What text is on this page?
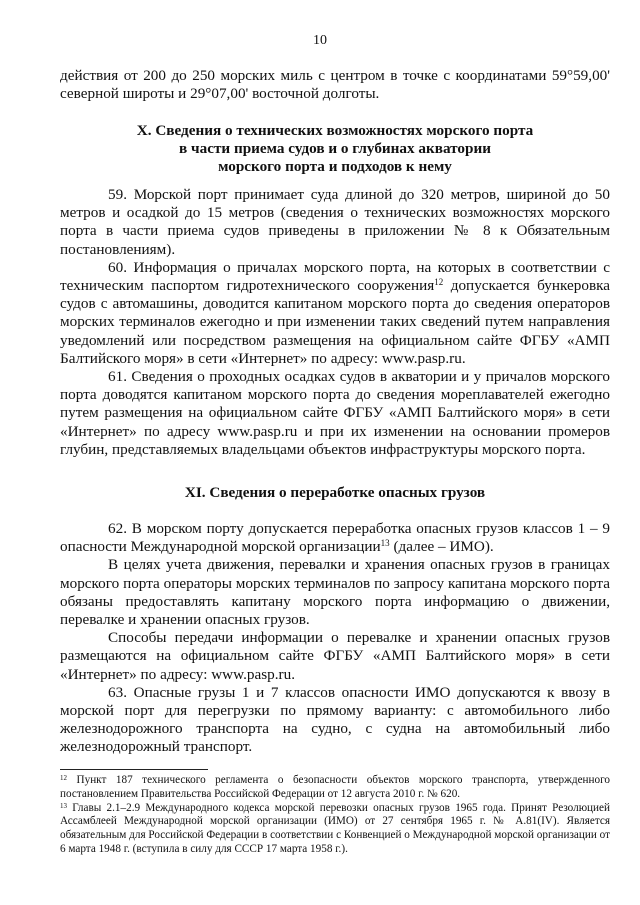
10

действия от 200 до 250 морских миль с центром в точке с координатами 59°59,00' северной широты и 29°07,00' восточной долготы.

X. Сведения о технических возможностях морского порта
в части приема судов и о глубинах акватории
морского порта и подходов к нему

59. Морской порт принимает суда длиной до 320 метров, шириной до 50 метров и осадкой до 15 метров (сведения о технических возможностях морского порта в части приема судов приведены в приложении № 8 к Обязательным постановлениям).

60. Информация о причалах морского порта, на которых в соответствии с техническим паспортом гидротехнического сооружения$^{12}$ допускается бункеровка судов с автомашины, доводится капитаном морского порта до сведения операторов морских терминалов ежегодно и при изменении таких сведений путем направления уведомлений или посредством размещения на официальном сайте ФГБУ «АМП Балтийского моря» в сети «Интернет» по адресу: www.pasp.ru.

61. Сведения о проходных осадках судов в акватории и у причалов морского порта доводятся капитаном морского порта до сведения мореплавателей ежегодно путем размещения на официальном сайте ФГБУ «АМП Балтийского моря» в сети «Интернет» по адресу www.pasp.ru и при их изменении на основании промеров глубин, представляемых владельцами объектов инфраструктуры морского порта.

XI. Сведения о переработке опасных грузов

62. В морском порту допускается переработка опасных грузов классов 1 – 9 опасности Международной морской организации$^{13}$ (далее – ИМО).

В целях учета движения, перевалки и хранения опасных грузов в границах морского порта операторы морских терминалов по запросу капитана морского порта обязаны предоставлять капитану морского порта информацию о движении, перевалке и хранении опасных грузов.

Способы передачи информации о перевалке и хранении опасных грузов размещаются на официальном сайте ФГБУ «АМП Балтийского моря» в сети «Интернет» по адресу: www.pasp.ru.

63. Опасные грузы 1 и 7 классов опасности ИМО допускаются к ввозу в морской порт для перегрузки по прямому варианту: с автомобильного либо железнодорожного транспорта на судно, с судна на автомобильный либо железнодорожный транспорт.

$^{12}$ Пункт 187 технического регламента о безопасности объектов морского транспорта, утвержденного постановлением Правительства Российской Федерации от 12 августа 2010 г. № 620.

$^{13}$ Главы 2.1–2.9 Международного кодекса морской перевозки опасных грузов 1965 года. Принят Резолюцией Ассамблеей Международной морской организации (ИМО) от 27 сентября 1965 г. № А.81(IV). Является обязательным для Российской Федерации в соответствии с Конвенцией о Международной морской организации от 6 марта 1948 г. (вступила в силу для СССР 17 марта 1958 г.).
